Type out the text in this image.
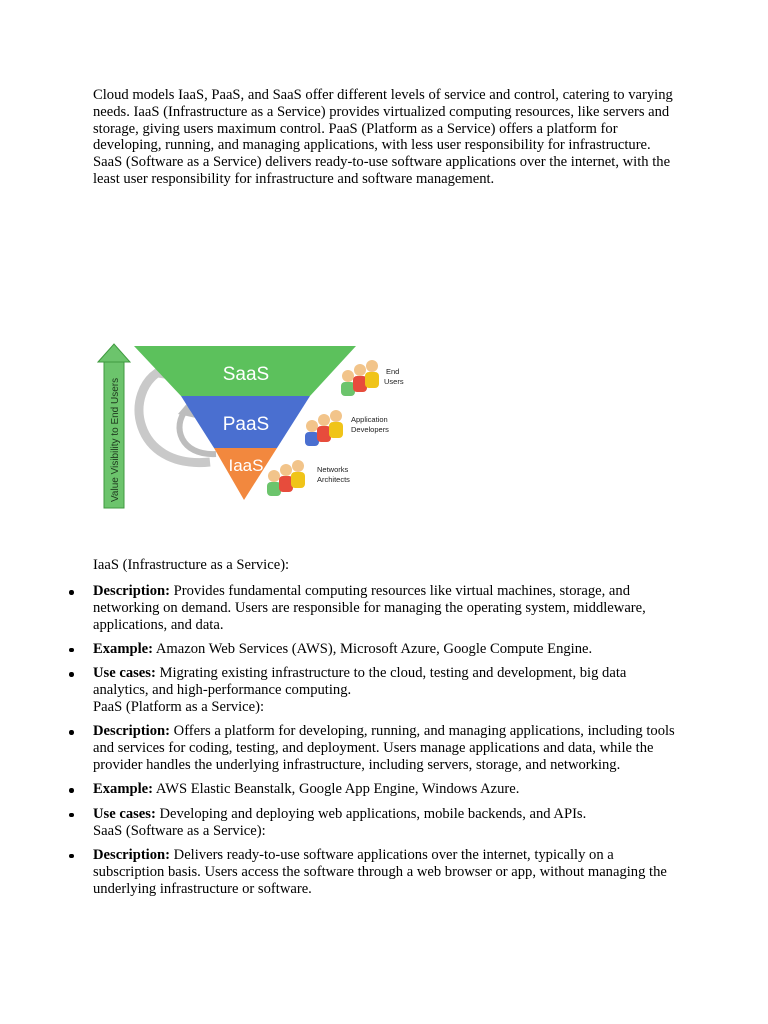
Cloud models IaaS, PaaS, and SaaS offer different levels of service and control, catering to varying needs. IaaS (Infrastructure as a Service) provides virtualized computing resources, like servers and storage, giving users maximum control. PaaS (Platform as a Service) offers a platform for developing, running, and managing applications, with less user responsibility for infrastructure. SaaS (Software as a Service) delivers ready-to-use software applications over the internet, with the least user responsibility for infrastructure and software management.

Value Visibility to End Users
SaaS
PaaS
IaaS
End
Users
Application
Developers
Networks
Architects
IaaS (Infrastructure as a Service):
Description: Provides fundamental computing resources like virtual machines, storage, and networking on demand. Users are responsible for managing the operating system, middleware, applications, and data.
Example: Amazon Web Services (AWS), Microsoft Azure, Google Compute Engine.
Use cases: Migrating existing infrastructure to the cloud, testing and development, big data analytics, and high-performance computing.
PaaS (Platform as a Service):
Description: Offers a platform for developing, running, and managing applications, including tools and services for coding, testing, and deployment. Users manage applications and data, while the provider handles the underlying infrastructure, including servers, storage, and networking.
Example: AWS Elastic Beanstalk, Google App Engine, Windows Azure.
Use cases: Developing and deploying web applications, mobile backends, and APIs.
SaaS (Software as a Service):
Description: Delivers ready-to-use software applications over the internet, typically on a subscription basis. Users access the software through a web browser or app, without managing the underlying infrastructure or software.
